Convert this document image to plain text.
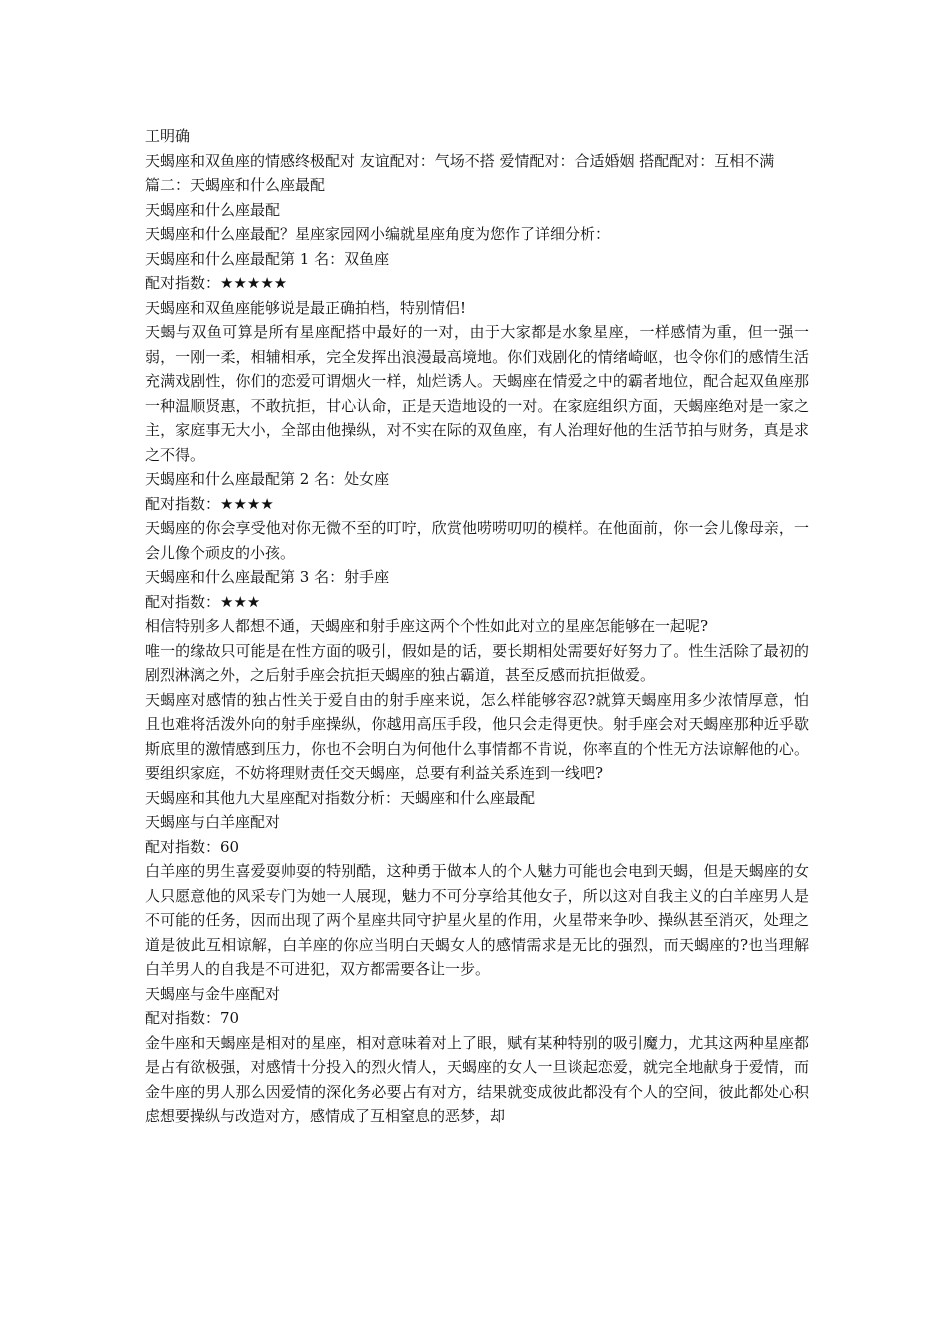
工明确

天蝎座和双鱼座的情感终极配对 友谊配对：气场不搭 爱情配对：合适婚姻 搭配配对：互相不满

篇二：天蝎座和什么座最配

天蝎座和什么座最配

天蝎座和什么座最配？星座家园网小编就星座角度为您作了详细分析：

天蝎座和什么座最配第 1 名：双鱼座

配对指数：★★★★★

天蝎座和双鱼座能够说是最正确拍档，特别情侣!

天蝎与双鱼可算是所有星座配搭中最好的一对，由于大家都是水象星座，一样感情为重，但一强一弱，一刚一柔，相辅相承，完全发挥出浪漫最高境地。你们戏剧化的情绪崎岖，也令你们的感情生活充满戏剧性，你们的恋爱可谓烟火一样，灿烂诱人。天蝎座在情爱之中的霸者地位，配合起双鱼座那一种温顺贤惠，不敢抗拒，甘心认命，正是天造地设的一对。在家庭组织方面，天蝎座绝对是一家之主，家庭事无大小，全部由他操纵，对不实在际的双鱼座，有人治理好他的生活节拍与财务，真是求之不得。

天蝎座和什么座最配第 2 名：处女座

配对指数：★★★★

天蝎座的你会享受他对你无微不至的叮咛，欣赏他唠唠叨叨的模样。在他面前，你一会儿像母亲，一会儿像个顽皮的小孩。

天蝎座和什么座最配第 3 名：射手座

配对指数：★★★

相信特别多人都想不通，天蝎座和射手座这两个个性如此对立的星座怎能够在一起呢?

唯一的缘故只可能是在性方面的吸引，假如是的话，要长期相处需要好好努力了。性生活除了最初的剧烈淋漓之外，之后射手座会抗拒天蝎座的独占霸道，甚至反感而抗拒做爱。

天蝎座对感情的独占性关于爱自由的射手座来说，怎么样能够容忍?就算天蝎座用多少浓情厚意，怕且也难将活泼外向的射手座操纵，你越用高压手段，他只会走得更快。射手座会对天蝎座那种近乎歇斯底里的激情感到压力，你也不会明白为何他什么事情都不肯说，你率直的个性无方法谅解他的心。要组织家庭，不妨将理财责任交天蝎座，总要有利益关系连到一线吧?

天蝎座和其他九大星座配对指数分析：天蝎座和什么座最配

天蝎座与白羊座配对

配对指数：60

白羊座的男生喜爱耍帅耍的特别酷，这种勇于做本人的个人魅力可能也会电到天蝎，但是天蝎座的女人只愿意他的风采专门为她一人展现，魅力不可分享给其他女子，所以这对自我主义的白羊座男人是不可能的任务，因而出现了两个星座共同守护星火星的作用，火星带来争吵、操纵甚至消灭，处理之道是彼此互相谅解，白羊座的你应当明白天蝎女人的感情需求是无比的强烈，而天蝎座的?也当理解白羊男人的自我是不可进犯，双方都需要各让一步。

天蝎座与金牛座配对

配对指数：70

金牛座和天蝎座是相对的星座，相对意味着对上了眼，赋有某种特别的吸引魔力，尤其这两种星座都是占有欲极强，对感情十分投入的烈火情人，天蝎座的女人一旦谈起恋爱，就完全地献身于爱情，而金牛座的男人那么因爱情的深化务必要占有对方，结果就变成彼此都没有个人的空间，彼此都处心积虑想要操纵与改造对方，感情成了互相窒息的恶梦，却
